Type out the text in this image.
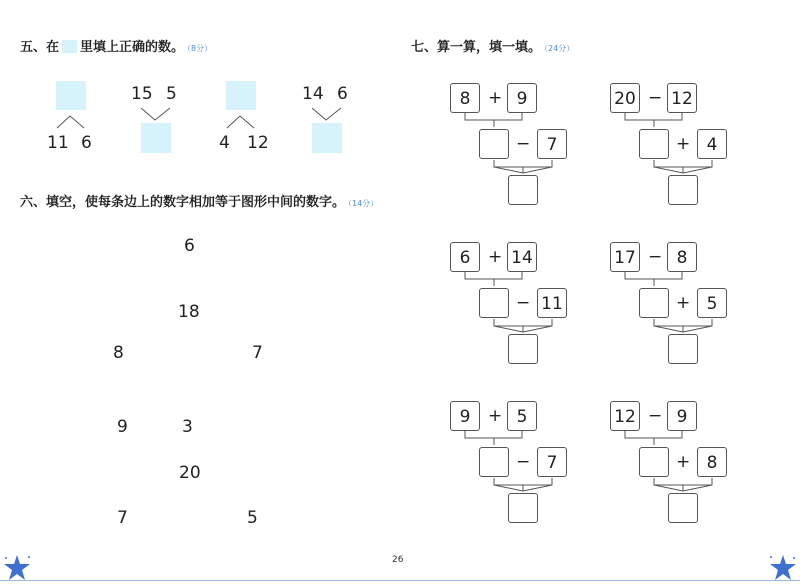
五、在 里填上正确的数。 （8分）
11 6
15 5
4 12
14 6
六、填空，使每条边上的数字相加等于图形中间的数字。 （14分）
6
18
8	7
9	3
20
7	5
七、算一算，填一填。 （24分）
8	+ 9
− 7
20 − 12
+ 4
6	+ 14
− 11
17 − 8
+ 5
9	+ 5
− 7
12 − 9
+ 8
26
